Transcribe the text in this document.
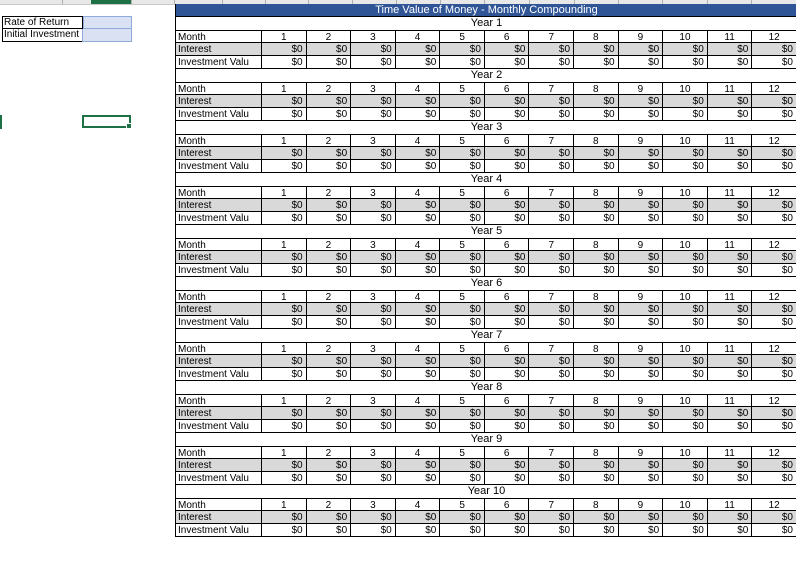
Rate of Return
Initial Investment
Time Value of Money - Monthly Compounding
Year 1
Month	1	2	3	4	5	6	7	8	9	10	11	12
Interest	$0	$0	$0	$0	$0	$0	$0	$0	$0	$0	$0	$0
Investment Valu	$0	$0	$0	$0	$0	$0	$0	$0	$0	$0	$0	$0
Year 2
Month	1	2	3	4	5	6	7	8	9	10	11	12
Interest	$0	$0	$0	$0	$0	$0	$0	$0	$0	$0	$0	$0
Investment Valu	$0	$0	$0	$0	$0	$0	$0	$0	$0	$0	$0	$0
Year 3
Month	1	2	3	4	5	6	7	8	9	10	11	12
Interest	$0	$0	$0	$0	$0	$0	$0	$0	$0	$0	$0	$0
Investment Valu	$0	$0	$0	$0	$0	$0	$0	$0	$0	$0	$0	$0
Year 4
Month	1	2	3	4	5	6	7	8	9	10	11	12
Interest	$0	$0	$0	$0	$0	$0	$0	$0	$0	$0	$0	$0
Investment Valu	$0	$0	$0	$0	$0	$0	$0	$0	$0	$0	$0	$0
Year 5
Month	1	2	3	4	5	6	7	8	9	10	11	12
Interest	$0	$0	$0	$0	$0	$0	$0	$0	$0	$0	$0	$0
Investment Valu	$0	$0	$0	$0	$0	$0	$0	$0	$0	$0	$0	$0
Year 6
Month	1	2	3	4	5	6	7	8	9	10	11	12
Interest	$0	$0	$0	$0	$0	$0	$0	$0	$0	$0	$0	$0
Investment Valu	$0	$0	$0	$0	$0	$0	$0	$0	$0	$0	$0	$0
Year 7
Month	1	2	3	4	5	6	7	8	9	10	11	12
Interest	$0	$0	$0	$0	$0	$0	$0	$0	$0	$0	$0	$0
Investment Valu	$0	$0	$0	$0	$0	$0	$0	$0	$0	$0	$0	$0
Year 8
Month	1	2	3	4	5	6	7	8	9	10	11	12
Interest	$0	$0	$0	$0	$0	$0	$0	$0	$0	$0	$0	$0
Investment Valu	$0	$0	$0	$0	$0	$0	$0	$0	$0	$0	$0	$0
Year 9
Month	1	2	3	4	5	6	7	8	9	10	11	12
Interest	$0	$0	$0	$0	$0	$0	$0	$0	$0	$0	$0	$0
Investment Valu	$0	$0	$0	$0	$0	$0	$0	$0	$0	$0	$0	$0
Year 10
Month	1	2	3	4	5	6	7	8	9	10	11	12
Interest	$0	$0	$0	$0	$0	$0	$0	$0	$0	$0	$0	$0
Investment Valu	$0	$0	$0	$0	$0	$0	$0	$0	$0	$0	$0	$0
